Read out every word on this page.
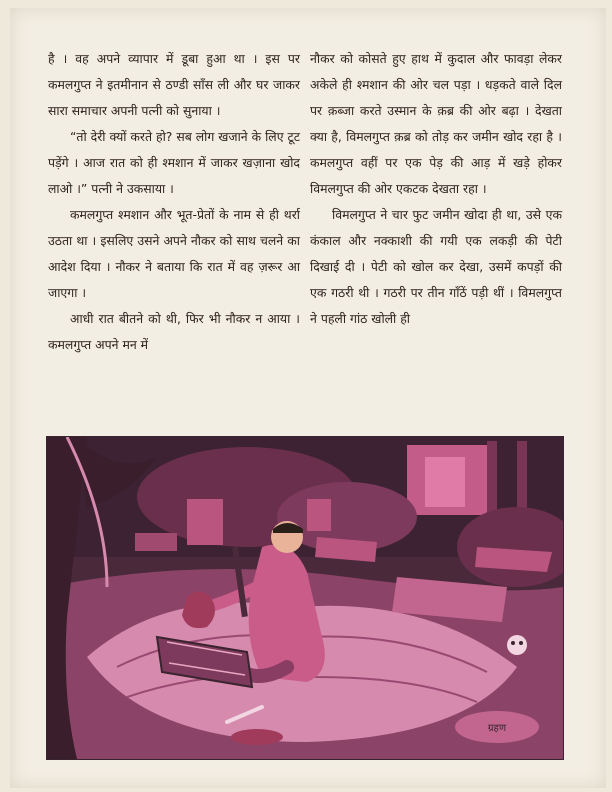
है । वह अपने व्यापार में डूबा हुआ था । इस पर कमलगुप्त ने इतमीनान से ठण्डी साँस ली और घर जाकर सारा समाचार अपनी पत्नी को सुनाया ।

“तो देरी क्यों करते हो? सब लोग खजाने के लिए टूट पड़ेंगे । आज रात को ही श्मशान में जाकर खज़ाना खोद लाओ ।” पत्नी ने उकसाया ।

कमलगुप्त श्मशान और भूत-प्रेतों के नाम से ही थर्रा उठता था । इसलिए उसने अपने नौकर को साथ चलने का आदेश दिया । नौकर ने बताया कि रात में वह ज़रूर आ जाएगा ।

आधी रात बीतने को थी, फिर भी नौकर न आया । कमलगुप्त अपने मन में

नौकर को कोसते हुए हाथ में कुदाल और फावड़ा लेकर अकेले ही श्मशान की ओर चल पड़ा । धड़कते वाले दिल पर क़ब्जा करते उस्मान के क़ब्र की ओर बढ़ा । देखता क्या है, विमलगुप्त क़ब्र को तोड़ कर जमीन खोद रहा है । कमलगुप्त वहीं पर एक पेड़ की आड़ में खड़े होकर विमलगुप्त की ओर एकटक देखता रहा ।

विमलगुप्त ने चार फुट जमीन खोदा ही था, उसे एक कंकाल और नक्काशी की गयी एक लकड़ी की पेटी दिखाई दी । पेटी को खोल कर देखा, उसमें कपड़ों की एक गठरी थी । गठरी पर तीन गाँठें पड़ी थीं । विमलगुप्त ने पहली गांठ खोली ही

ग्रहण
